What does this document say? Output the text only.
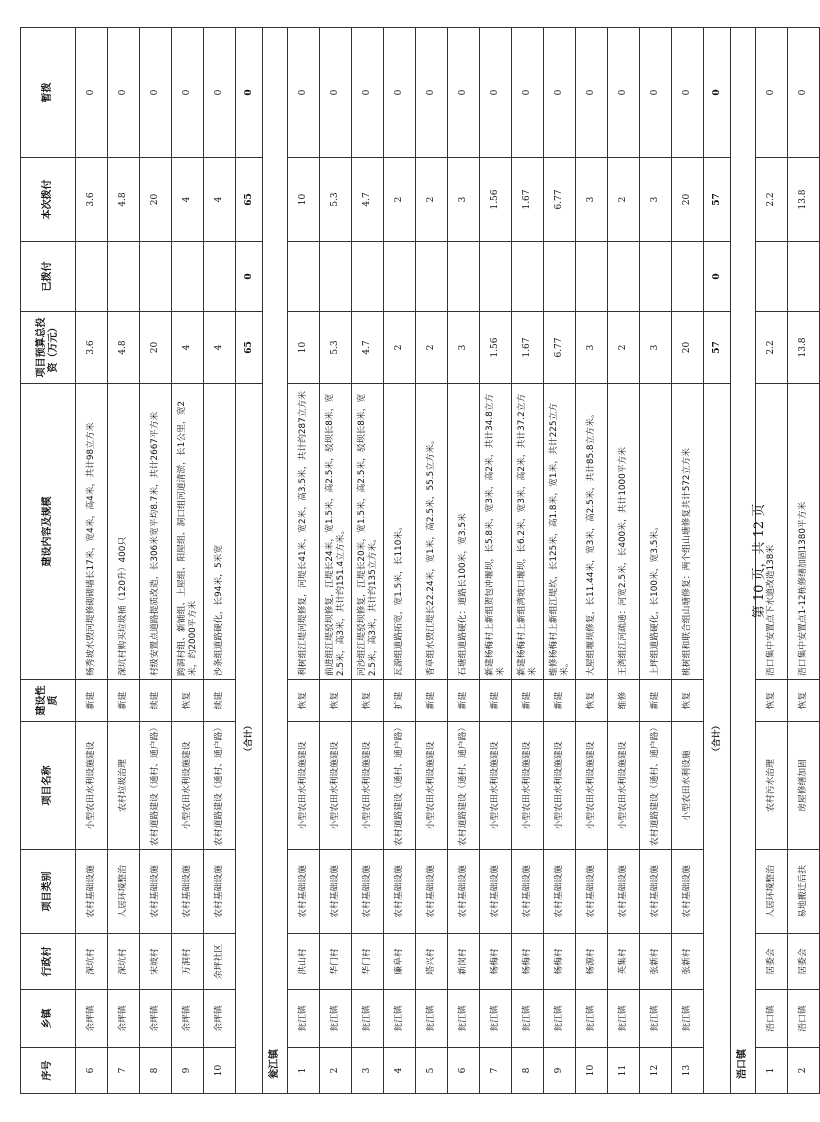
序号	乡镇	行政村	项目类别	项目名称	建设性质	建设内容及规模	项目预算总投资（万元）	已拨付	本次拨付	暂拨
6	余坪镇	深坑村	农村基础设施	小型农田水利设施建设	新建	杨秀坡水毁河堤修砌砌墙长17米，宽4米，高4米，共计98立方米	3.6		3.6	0
7	余坪镇	深坑村	人居环境整治	农村垃圾治理	新建	深坑村购买垃圾桶（120升）400只	4.8		4.8	0
8	余坪镇	宋坡村	农村基础设施	农村道路建设（通村、通户路）	续建	村级安置点道路提质改造，长306米宽平均8.7米，共计2667平方米	20		20	0
9	余坪镇	万洞村	农村基础设施	小型农田水利设施建设	恢复	跨洞村组、新铺组、上屋组、阳屋组、洞口组河道清淤，长1公里，宽2米，约2000平方米	4		4	0
10	余坪镇	余坪社区	农村基础设施	农村道路建设（通村、通户路）	续建	沙条组道路硬化，长94米，5米宽	4		4	0
（合计）							65	0	65	0
瓮江镇										
1	瓮江镇	洪山村	农村基础设施	小型农田水利设施建设	恢复	利树组江堤河堤修复，河堤长41米，宽2米，高3.5米，共计约287立方米	10		10	0
2	瓮江镇	华门村	农村基础设施	小型农田水利设施建设	恢复	前进组江堤驳坝修复，江堤长24米，宽1.5米，高2.5米，驳坝长8米，宽2.5米，高3米，共计约151.4立方米。	5.3		5.3	0
3	瓮江镇	华门村	农村基础设施	小型农田水利设施建设	恢复	河沙组江堤驳坝修复，江堤长20米，宽1.5米，高2.5米，驳坝长8米，宽2.5米，高3米，共计约135立方米。	4.7		4.7	0
4	瓮江镇	廉阜村	农村基础设施	农村道路建设（通村、通户路）	扩建	瓦源组道路拓宽，宽1.5米，长110米。	2		2	0
5	瓮江镇	塔兴村	农村基础设施	小型农田水利设施建设	新建	香草组水毁江堤长22.24米，宽1米，高2.5米，55.5立方米。	2		2	0
6	瓮江镇	新岗村	农村基础设施	农村道路建设（通村、通户路）	新建	石塘组道路硬化：道路长100米，宽3.5米	3		3	0
7	瓮江镇	杨梅村	农村基础设施	小型农田水利设施建设	新建	新建杨梅村上新组贺包冲堰坝，长5.8米，宽3米，高2米，共计34.8立方米	1.56		1.56	0
8	瓮江镇	杨梅村	农村基础设施	小型农田水利设施建设	新建	新建杨梅村上新组湾坡口堰坝，长6.2米，宽3米，高2米，共计37.2立方米	1.67		1.67	0
9	瓮江镇	杨梅村	农村基础设施	小型农田水利设施建设	新建	维修杨梅村上新组江堤坎，长125米，高1.8米，宽1米，共计225立方米。	6.77		6.77	0
10	瓮江镇	杨源村	农村基础设施	小型农田水利设施建设	恢复	大屋组堰坝修复，长11.44米，宽3米，高2.5米，共计85.8立方米。	3		3	0
11	瓮江镇	英集村	农村基础设施	小型农田水利设施建设	维修	王湾组江河疏通：河宽2.5米，长400米，共计1000平方米	2		2	0
12	瓮江镇	张新村	农村基础设施	农村道路建设（通村、通户路）	新建	上坪组道路硬化，长100米，宽3.5米。	3		3	0
13	瓮江镇	张新村	农村基础设施	小型农田水利设施	恢复	桃树组和联合组山塘修复：两个组山塘修复共计572立方米	20		20	0
（合计）							57	0	57	0
浯口镇										
1	浯口镇	居委会	人居环境整治	农村污水治理	恢复	浯口集中安置点下水道改造138米	2.2		2.2	0
2	浯口镇	居委会	易地搬迁后扶	房屋修缮加固	恢复	浯口集中安置点1-12栋修缮加固1380平方米	13.8		13.8	0
第 10 页，共 12 页
